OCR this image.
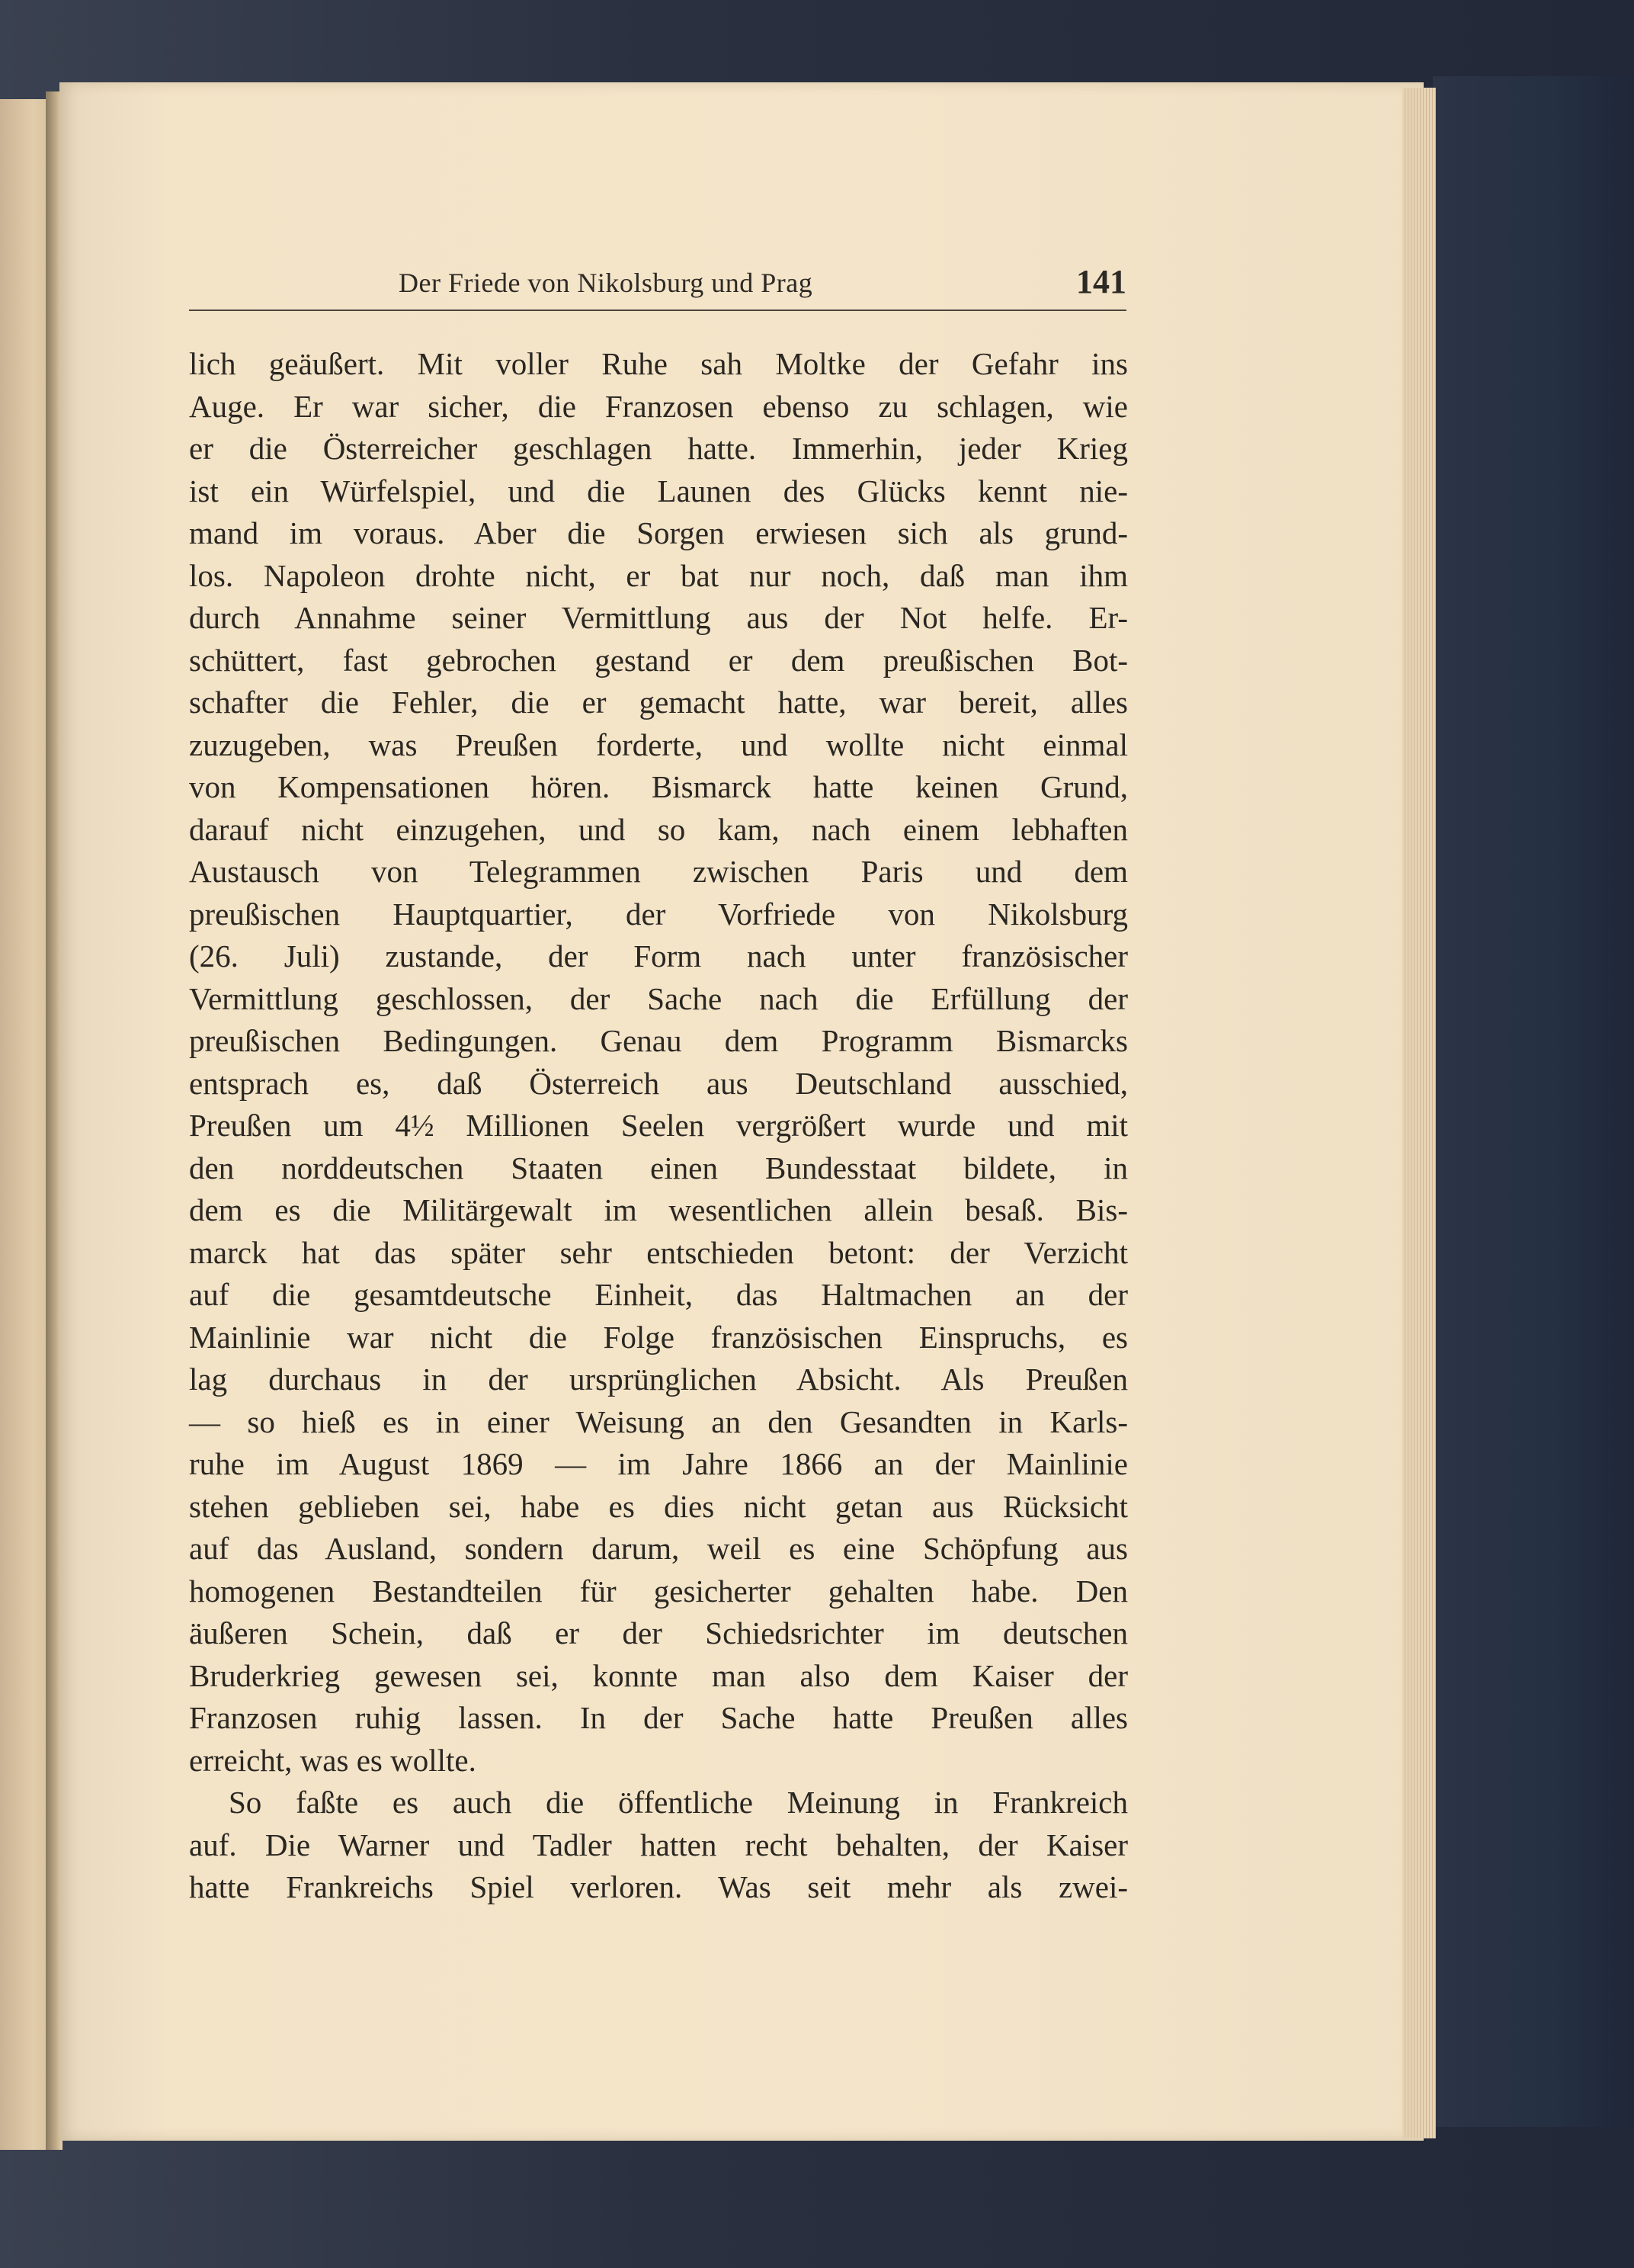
Der Friede von Nikolsburg und Prag	141
lich geäußert. Mit voller Ruhe sah Moltke der Gefahr ins
Auge. Er war sicher, die Franzosen ebenso zu schlagen, wie
er die Österreicher geschlagen hatte. Immerhin, jeder Krieg
ist ein Würfelspiel, und die Launen des Glücks kennt nie-
mand im voraus. Aber die Sorgen erwiesen sich als grund-
los. Napoleon drohte nicht, er bat nur noch, daß man ihm
durch Annahme seiner Vermittlung aus der Not helfe. Er-
schüttert, fast gebrochen gestand er dem preußischen Bot-
schafter die Fehler, die er gemacht hatte, war bereit, alles
zuzugeben, was Preußen forderte, und wollte nicht einmal
von Kompensationen hören. Bismarck hatte keinen Grund,
darauf nicht einzugehen, und so kam, nach einem lebhaften
Austausch von Telegrammen zwischen Paris und dem
preußischen Hauptquartier, der Vorfriede von Nikolsburg
(26. Juli) zustande, der Form nach unter französischer
Vermittlung geschlossen, der Sache nach die Erfüllung der
preußischen Bedingungen. Genau dem Programm Bismarcks
entsprach es, daß Österreich aus Deutschland ausschied,
Preußen um 4½ Millionen Seelen vergrößert wurde und mit
den norddeutschen Staaten einen Bundesstaat bildete, in
dem es die Militärgewalt im wesentlichen allein besaß. Bis-
marck hat das später sehr entschieden betont: der Verzicht
auf die gesamtdeutsche Einheit, das Haltmachen an der
Mainlinie war nicht die Folge französischen Einspruchs, es
lag durchaus in der ursprünglichen Absicht. Als Preußen
— so hieß es in einer Weisung an den Gesandten in Karls-
ruhe im August 1869 — im Jahre 1866 an der Mainlinie
stehen geblieben sei, habe es dies nicht getan aus Rücksicht
auf das Ausland, sondern darum, weil es eine Schöpfung aus
homogenen Bestandteilen für gesicherter gehalten habe. Den
äußeren Schein, daß er der Schiedsrichter im deutschen
Bruderkrieg gewesen sei, konnte man also dem Kaiser der
Franzosen ruhig lassen. In der Sache hatte Preußen alles
erreicht, was es wollte.
So faßte es auch die öffentliche Meinung in Frankreich
auf. Die Warner und Tadler hatten recht behalten, der Kaiser
hatte Frankreichs Spiel verloren. Was seit mehr als zwei-
